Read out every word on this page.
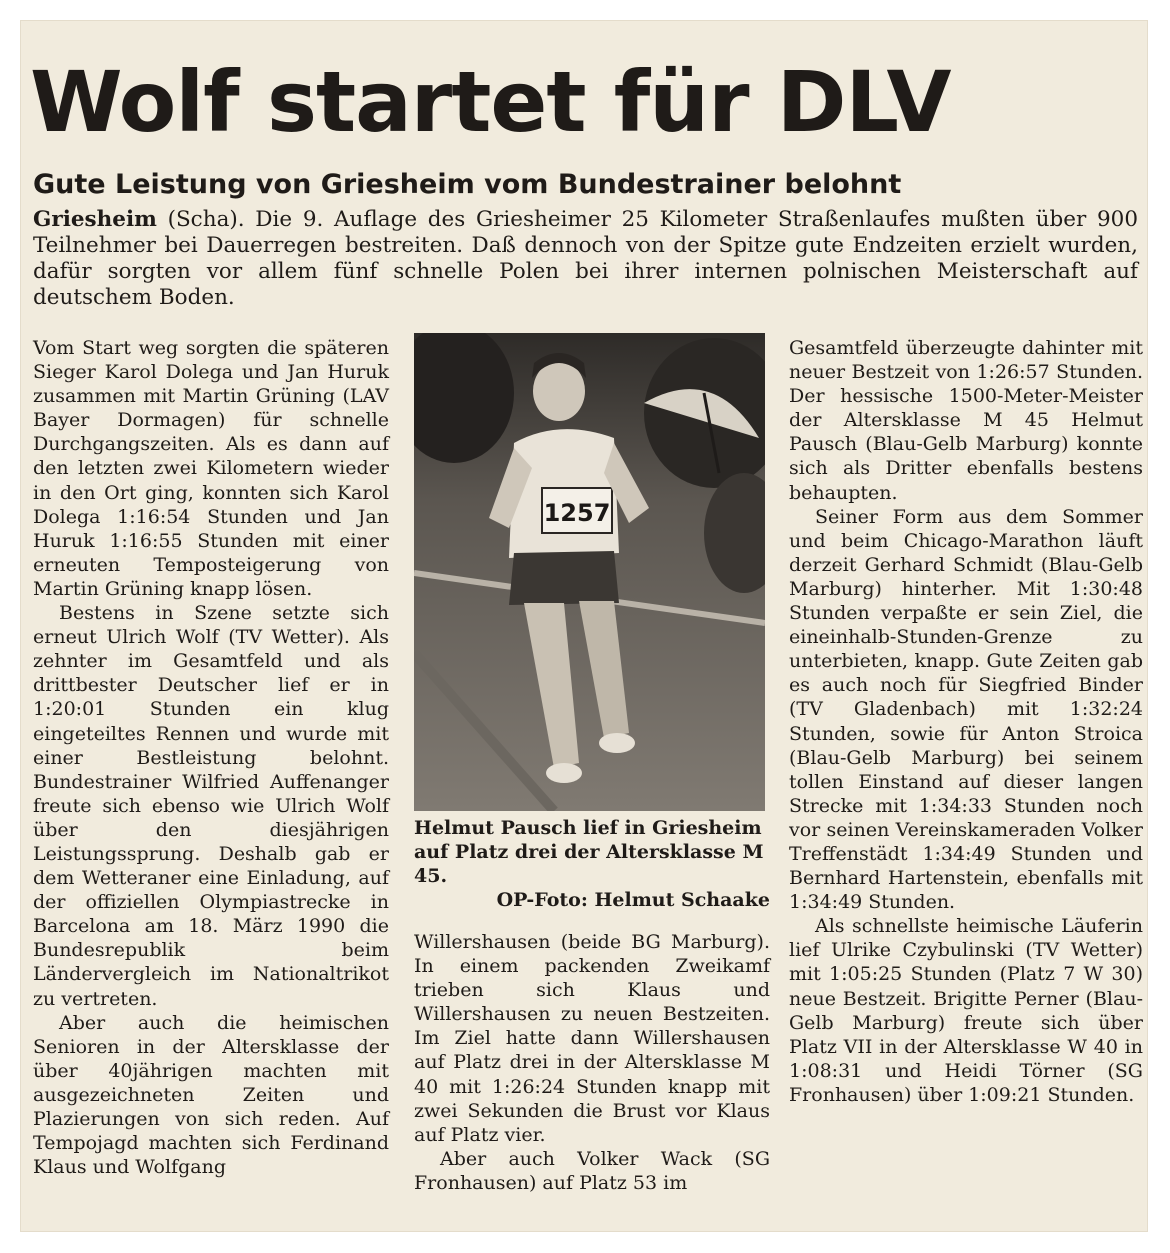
Wolf startet für DLV
Gute Leistung von Griesheim vom Bundestrainer belohnt

Griesheim (Scha). Die 9. Auflage des Griesheimer 25 Kilometer Straßenlaufes mußten über 900 Teilnehmer bei Dauerregen bestreiten. Daß dennoch von der Spitze gute Endzeiten erzielt wurden, dafür sorgten vor allem fünf schnelle Polen bei ihrer internen polnischen Meisterschaft auf deutschem Boden.

Vom Start weg sorgten die späteren Sieger Karol Dolega und Jan Huruk zusammen mit Martin Grüning (LAV Bayer Dormagen) für schnelle Durchgangszeiten. Als es dann auf den letzten zwei Kilometern wieder in den Ort ging, konnten sich Karol Dolega 1:16:54 Stunden und Jan Huruk 1:16:55 Stunden mit einer erneuten Temposteigerung von Martin Grüning knapp lösen.

Bestens in Szene setzte sich erneut Ulrich Wolf (TV Wetter). Als zehnter im Gesamtfeld und als drittbester Deutscher lief er in 1:20:01 Stunden ein klug eingeteiltes Rennen und wurde mit einer Bestleistung belohnt. Bundestrainer Wilfried Auffenanger freute sich ebenso wie Ulrich Wolf über den diesjährigen Leistungssprung. Deshalb gab er dem Wetteraner eine Einladung, auf der offiziellen Olympiastrecke in Barcelona am 18. März 1990 die Bundesrepublik beim Ländervergleich im Nationaltrikot zu vertreten.

Aber auch die heimischen Senioren in der Altersklasse der über 40jährigen machten mit ausgezeichneten Zeiten und Plazierungen von sich reden. Auf Tempojagd machten sich Ferdinand Klaus und Wolfgang

1257

Helmut Pausch lief in Griesheim auf Platz drei der Altersklasse M 45.
OP-Foto: Helmut Schaake

Willershausen (beide BG Marburg). In einem packenden Zweikamf trieben sich Klaus und Willershausen zu neuen Bestzeiten. Im Ziel hatte dann Willershausen auf Platz drei in der Altersklasse M 40 mit 1:26:24 Stunden knapp mit zwei Sekunden die Brust vor Klaus auf Platz vier.

Aber auch Volker Wack (SG Fronhausen) auf Platz 53 im

Gesamtfeld überzeugte dahinter mit neuer Bestzeit von 1:26:57 Stunden. Der hessische 1500-Meter-Meister der Altersklasse M 45 Helmut Pausch (Blau-Gelb Marburg) konnte sich als Dritter ebenfalls bestens behaupten.

Seiner Form aus dem Sommer und beim Chicago-Marathon läuft derzeit Gerhard Schmidt (Blau-Gelb Marburg) hinterher. Mit 1:30:48 Stunden verpaßte er sein Ziel, die eineinhalb-Stunden-Grenze zu unterbieten, knapp. Gute Zeiten gab es auch noch für Siegfried Binder (TV Gladenbach) mit 1:32:24 Stunden, sowie für Anton Stroica (Blau-Gelb Marburg) bei seinem tollen Einstand auf dieser langen Strecke mit 1:34:33 Stunden noch vor seinen Vereinskameraden Volker Treffenstädt 1:34:49 Stunden und Bernhard Hartenstein, ebenfalls mit 1:34:49 Stunden.

Als schnellste heimische Läuferin lief Ulrike Czybulinski (TV Wetter) mit 1:05:25 Stunden (Platz 7 W 30) neue Bestzeit. Brigitte Perner (Blau-Gelb Marburg) freute sich über Platz VII in der Altersklasse W 40 in 1:08:31 und Heidi Törner (SG Fronhausen) über 1:09:21 Stunden.
